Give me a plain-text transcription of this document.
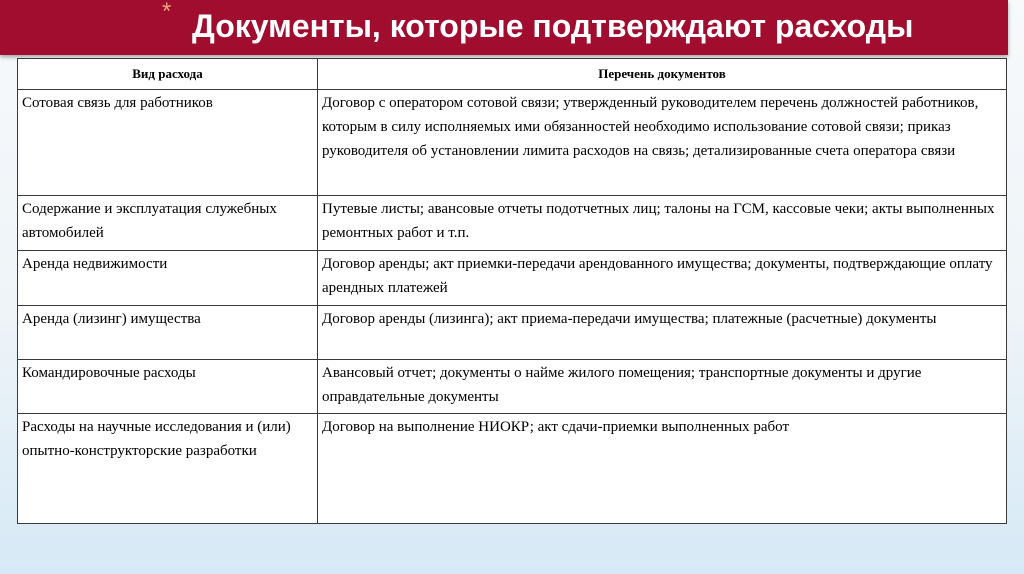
* Документы, которые подтверждают расходы
Вид расхода	Перечень документов
Сотовая связь для работников	Договор с оператором сотовой связи; утвержденный руководителем перечень должностей работников, которым в силу исполняемых ими обязанностей необходимо использование сотовой связи; приказ руководителя об установлении лимита расходов на связь; детализированные счета оператора связи
Содержание и эксплуатация служебных автомобилей	Путевые листы; авансовые отчеты подотчетных лиц; талоны на ГСМ, кассовые чеки; акты выполненных ремонтных работ и т.п.
Аренда недвижимости	Договор аренды; акт приемки-передачи арендованного имущества; документы, подтверждающие оплату арендных платежей
Аренда (лизинг) имущества	Договор аренды (лизинга); акт приема-передачи имущества; платежные (расчетные) документы
Командировочные расходы	Авансовый отчет; документы о найме жилого помещения; транспортные документы и другие оправдательные документы
Расходы на научные исследования и (или) опытно-конструкторские разработки	Договор на выполнение НИОКР; акт сдачи-приемки выполненных работ
